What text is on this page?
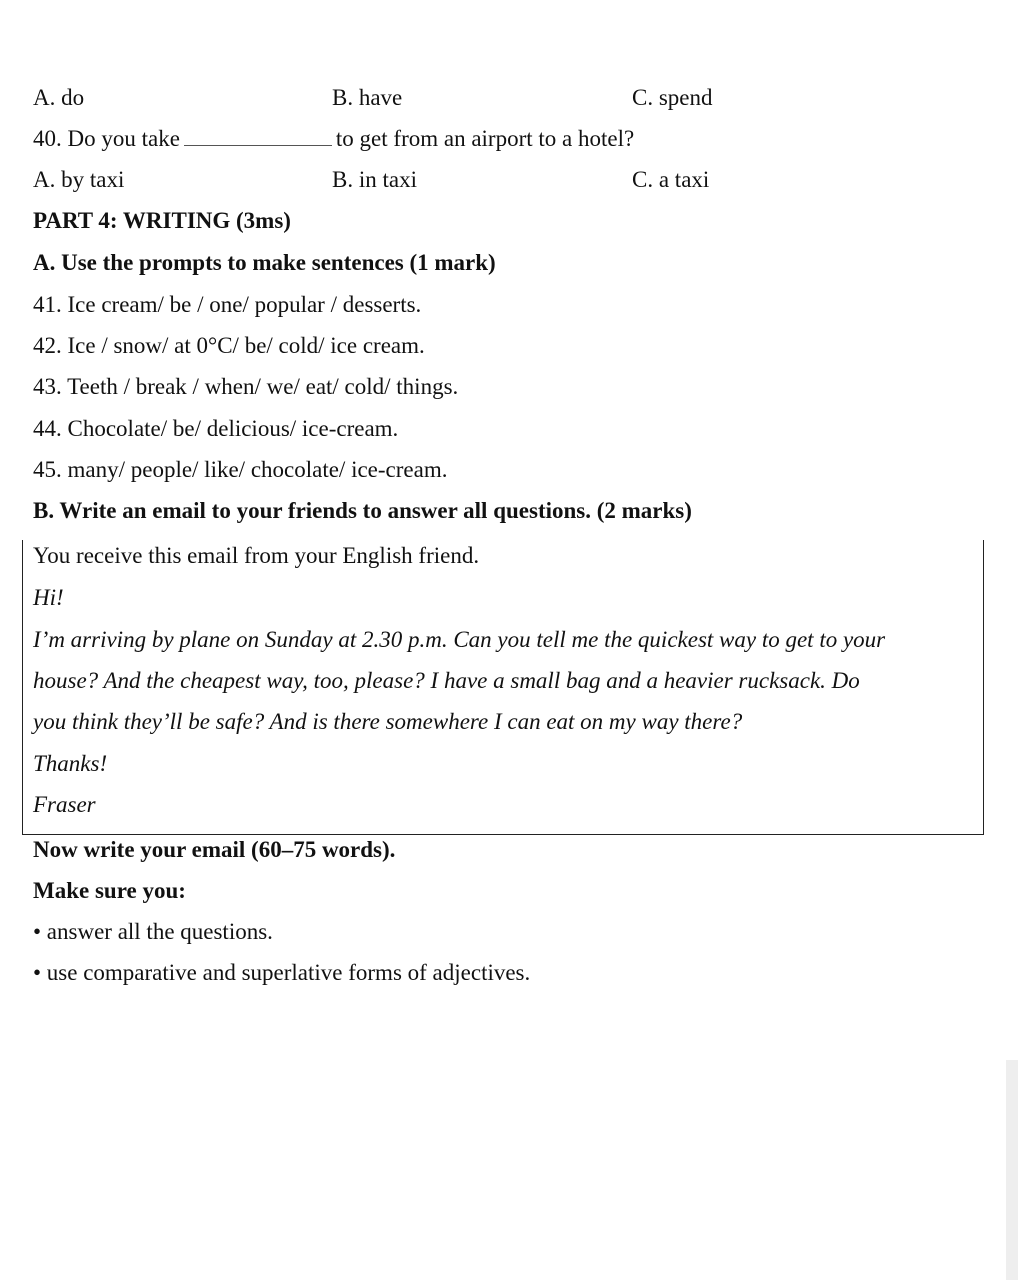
A. do	B. have	C. spend
40. Do you take	to get from an airport to a hotel?
A. by taxi	B. in taxi	C. a taxi
PART 4: WRITING (3ms)
A. Use the prompts to make sentences (1 mark)
41. Ice cream/ be / one/ popular / desserts.
42. Ice / snow/ at 0°C/ be/ cold/ ice cream.
43. Teeth / break / when/ we/ eat/ cold/ things.
44. Chocolate/ be/ delicious/ ice-cream.
45. many/ people/ like/ chocolate/ ice-cream.
B. Write an email to your friends to answer all questions. (2 marks)
You receive this email from your English friend.
Hi!
I’m arriving by plane on Sunday at 2.30 p.m. Can you tell me the quickest way to get to your
house? And the cheapest way, too, please? I have a small bag and a heavier rucksack. Do
you think they’ll be safe? And is there somewhere I can eat on my way there?
Thanks!
Fraser
Now write your email (60–75 words).
Make sure you:
• answer all the questions.
• use comparative and superlative forms of adjectives.
